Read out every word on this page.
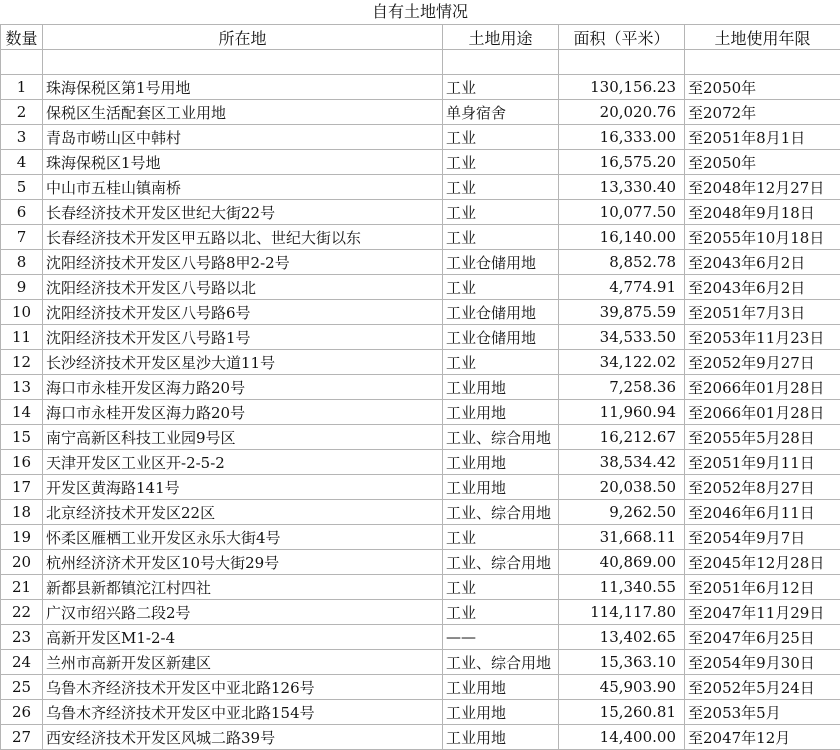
自有土地情况
数量	所在地	土地用途	面积（平米）	土地使用年限

1	珠海保税区第1号用地	工业	130,156.23	至2050年
2	保税区生活配套区工业用地	单身宿舍	20,020.76	至2072年
3	青岛市崂山区中韩村	工业	16,333.00	至2051年8月1日
4	珠海保税区1号地	工业	16,575.20	至2050年
5	中山市五桂山镇南桥	工业	13,330.40	至2048年12月27日
6	长春经济技术开发区世纪大街22号	工业	10,077.50	至2048年9月18日
7	长春经济技术开发区甲五路以北、世纪大街以东	工业	16,140.00	至2055年10月18日
8	沈阳经济技术开发区八号路8甲2-2号	工业仓储用地	8,852.78	至2043年6月2日
9	沈阳经济技术开发区八号路以北	工业	4,774.91	至2043年6月2日
10	沈阳经济技术开发区八号路6号	工业仓储用地	39,875.59	至2051年7月3日
11	沈阳经济技术开发区八号路1号	工业仓储用地	34,533.50	至2053年11月23日
12	长沙经济技术开发区星沙大道11号	工业	34,122.02	至2052年9月27日
13	海口市永桂开发区海力路20号	工业用地	7,258.36	至2066年01月28日
14	海口市永桂开发区海力路20号	工业用地	11,960.94	至2066年01月28日
15	南宁高新区科技工业园9号区	工业、综合用地	16,212.67	至2055年5月28日
16	天津开发区工业区开-2-5-2	工业用地	38,534.42	至2051年9月11日
17	开发区黄海路141号	工业用地	20,038.50	至2052年8月27日
18	北京经济技术开发区22区	工业、综合用地	9,262.50	至2046年6月11日
19	怀柔区雁栖工业开发区永乐大街4号	工业	31,668.11	至2054年9月7日
20	杭州经济济术开发区10号大街29号	工业、综合用地	40,869.00	至2045年12月28日
21	新都县新都镇沱江村四社	工业	11,340.55	至2051年6月12日
22	广汉市绍兴路二段2号	工业	114,117.80	至2047年11月29日
23	高新开发区M1-2-4	——	13,402.65	至2047年6月25日
24	兰州市高新开发区新建区	工业、综合用地	15,363.10	至2054年9月30日
25	乌鲁木齐经济技术开发区中亚北路126号	工业用地	45,903.90	至2052年5月24日
26	乌鲁木齐经济技术开发区中亚北路154号	工业用地	15,260.81	至2053年5月
27	西安经济技术开发区风城二路39号	工业用地	14,400.00	至2047年12月
